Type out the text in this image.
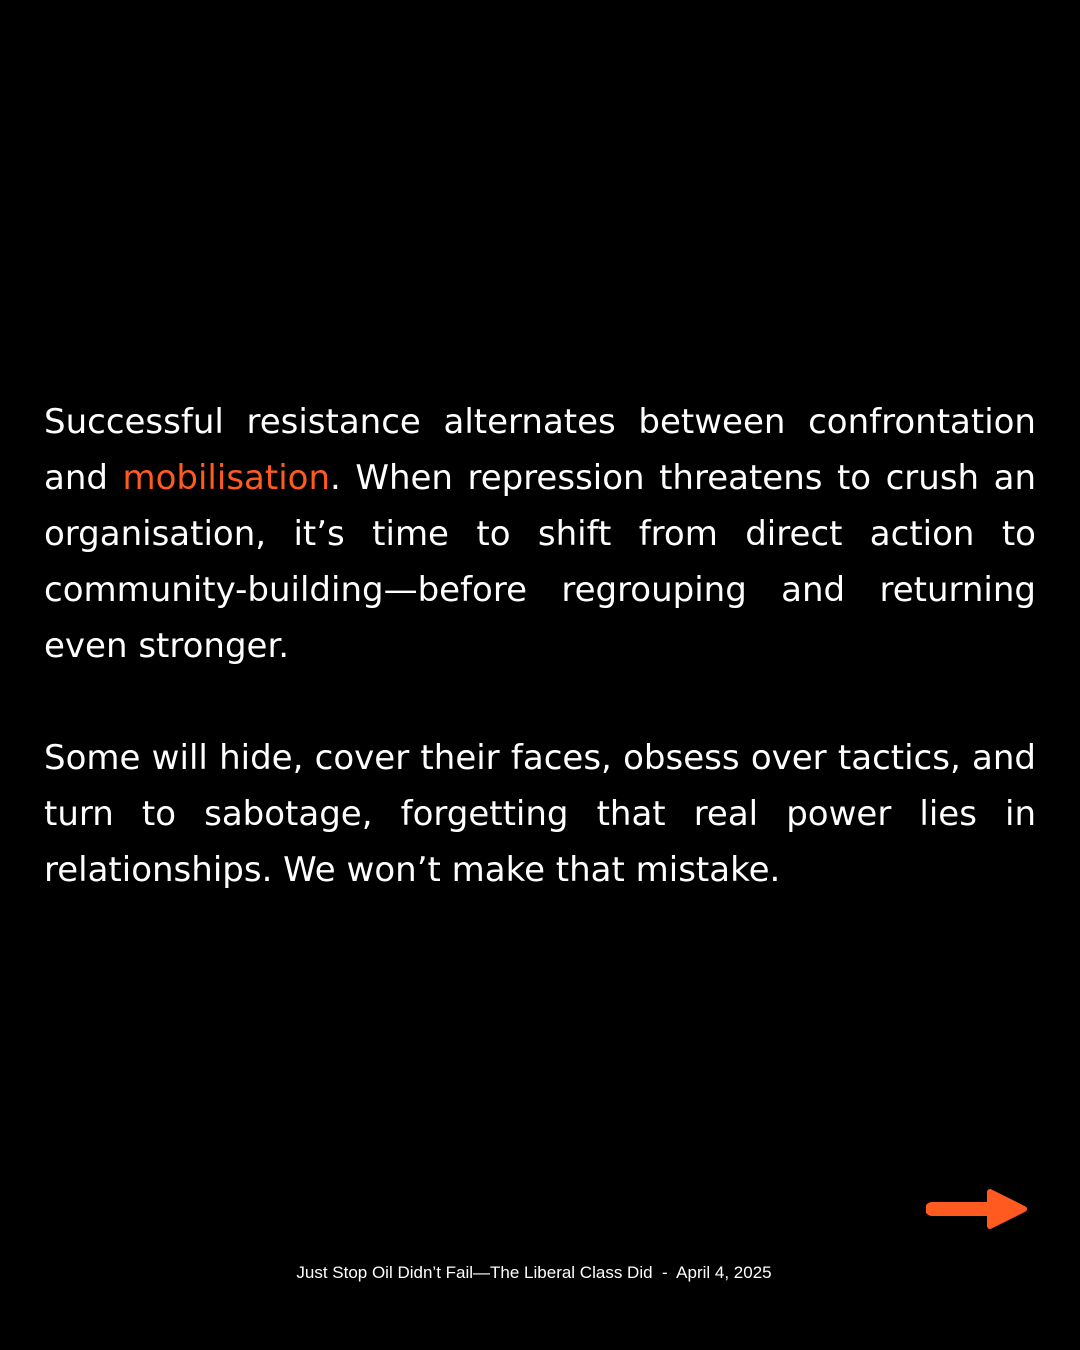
Successful resistance alternates between confrontation and mobilisation. When repression threatens to crush an organisation, it’s time to shift from direct action to community-building—before regrouping and returning even stronger.

Some will hide, cover their faces, obsess over tactics, and turn to sabotage, forgetting that real power lies in relationships. We won’t make that mistake.

Just Stop Oil Didn’t Fail—The Liberal Class Did  -  April 4, 2025
